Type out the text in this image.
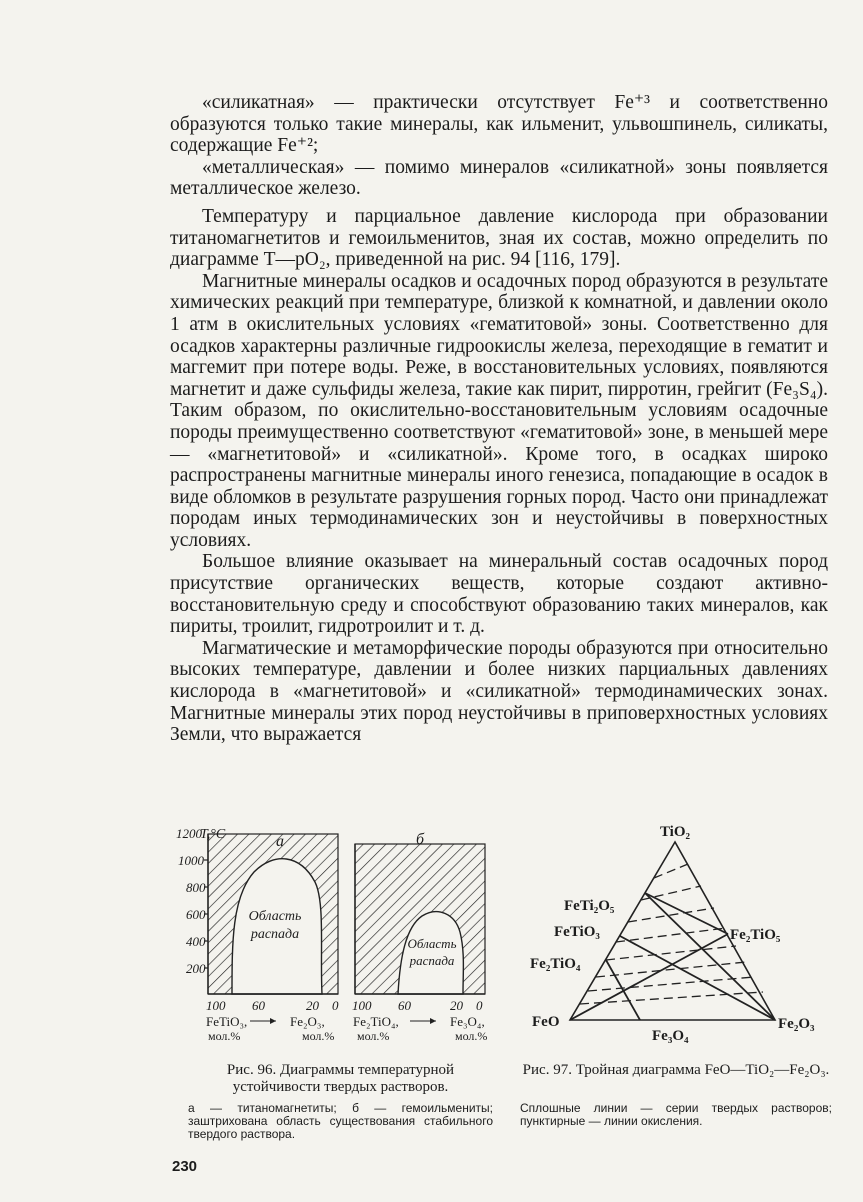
«силикатная» — практически отсутствует Fe⁺³ и соответственно образуются только такие минералы, как ильменит, ульвошпинель, силикаты, содержащие Fe⁺²;

«металлическая» — помимо минералов «силикатной» зоны появляется металлическое железо.

Температуру и парциальное давление кислорода при образовании титаномагнетитов и гемоильменитов, зная их состав, можно определить по диаграмме T—pO₂, приведенной на рис. 94 [116, 179].

Магнитные минералы осадков и осадочных пород образуются в результате химических реакций при температуре, близкой к комнатной, и давлении около 1 атм в окислительных условиях «гематитовой» зоны. Соответственно для осадков характерны различные гидроокислы железа, переходящие в гематит и маггемит при потере воды. Реже, в восстановительных условиях, появляются магнетит и даже сульфиды железа, такие как пирит, пирротин, грейгит (Fe₃S₄). Таким образом, по окислительно-восстановительным условиям осадочные породы преимущественно соответствуют «гематитовой» зоне, в меньшей мере — «магнетитовой» и «силикатной». Кроме того, в осадках широко распространены магнитные минералы иного генезиса, попадающие в осадок в виде обломков в результате разрушения горных пород. Часто они принадлежат породам иных термодинамических зон и неустойчивы в поверхностных условиях.

Большое влияние оказывает на минеральный состав осадочных пород присутствие органических веществ, которые создают активно-восстановительную среду и способствуют образованию таких минералов, как пириты, троилит, гидротроилит и т. д.

Магматические и метаморфические породы образуются при относительно высоких температуре, давлении и более низких парциальных давлениях кислорода в «магнетитовой» и «силикатной» термодинамических зонах. Магнитные минералы этих пород неустойчивы в приповерхностных условиях Земли, что выражается

а
Область
распада
1200
T,°C
1000
800
600
400
200
100 60	20 0
FeTiO₃,	Fe₂O₃,
мол.%	мол.%
б
Область
распада
100 60	20 0
Fe₂TiO₄,	Fe₃O₄,
мол.%	мол.%
Рис. 96. Диаграммы температурной устойчивости твердых растворов.
а — титаномагнетиты; б — гемоильмениты; заштрихована область существования стабильного твердого раствора.
TiO₂
FeO	Fe₂O₃
Fe₃O₄
FeTi₂O₅
FeTiO₃
Fe₂TiO₄
Fe₂TiO₅
Рис. 97. Тройная диаграмма FeO—TiO₂—Fe₂O₃.
Сплошные линии — серии твердых растворов; пунктирные — линии окисления.
230
